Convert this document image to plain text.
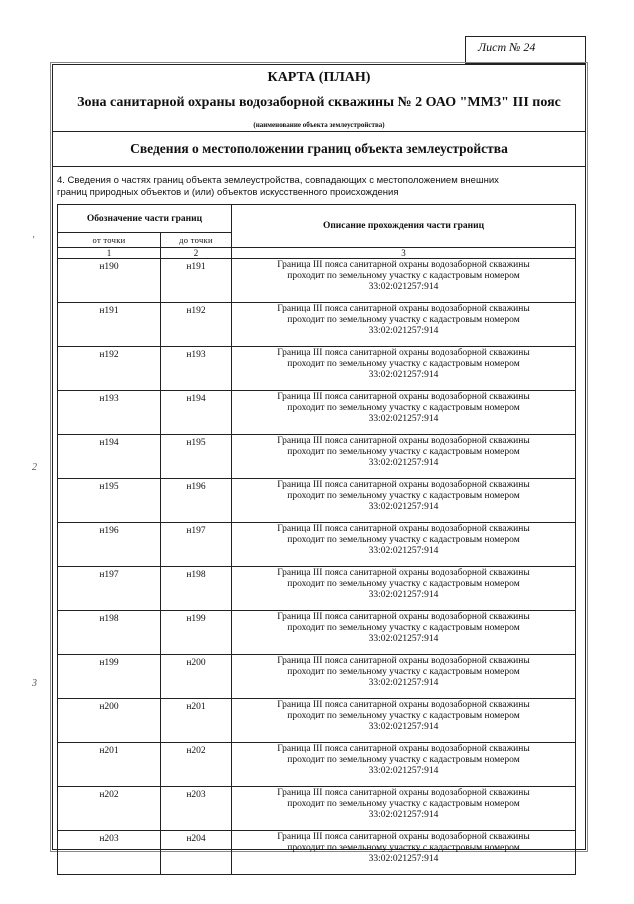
Лист № 24
КАРТА (ПЛАН)
Зона санитарной охраны водозаборной скважины № 2 ОАО "ММЗ" III пояс
(наименование объекта землеустройства)
Сведения о местоположении границ объекта землеустройства
4. Сведения о частях границ объекта землеустройства, совпадающих с местоположением внешних
границ природных объектов и (или) объектов искусственного происхождения
'
2
3
Обозначение части границ		Описание прохождения части границ
от точки	до точки	
1	2	3
н190	н191	Граница III пояса санитарной охраны водозаборной скважины
проходит по земельному участку с кадастровым номером
33:02:021257:914

н191	н192	Граница III пояса санитарной охраны водозаборной скважины
проходит по земельному участку с кадастровым номером
33:02:021257:914

н192	н193	Граница III пояса санитарной охраны водозаборной скважины
проходит по земельному участку с кадастровым номером
33:02:021257:914

н193	н194	Граница III пояса санитарной охраны водозаборной скважины
проходит по земельному участку с кадастровым номером
33:02:021257:914

н194	н195	Граница III пояса санитарной охраны водозаборной скважины
проходит по земельному участку с кадастровым номером
33:02:021257:914

н195	н196	Граница III пояса санитарной охраны водозаборной скважины
проходит по земельному участку с кадастровым номером
33:02:021257:914

н196	н197	Граница III пояса санитарной охраны водозаборной скважины
проходит по земельному участку с кадастровым номером
33:02:021257:914

н197	н198	Граница III пояса санитарной охраны водозаборной скважины
проходит по земельному участку с кадастровым номером
33:02:021257:914

н198	н199	Граница III пояса санитарной охраны водозаборной скважины
проходит по земельному участку с кадастровым номером
33:02:021257:914

н199	н200	Граница III пояса санитарной охраны водозаборной скважины
проходит по земельному участку с кадастровым номером
33:02:021257:914

н200	н201	Граница III пояса санитарной охраны водозаборной скважины
проходит по земельному участку с кадастровым номером
33:02:021257:914

н201	н202	Граница III пояса санитарной охраны водозаборной скважины
проходит по земельному участку с кадастровым номером
33:02:021257:914

н202	н203	Граница III пояса санитарной охраны водозаборной скважины
проходит по земельному участку с кадастровым номером
33:02:021257:914

н203	н204	Граница III пояса санитарной охраны водозаборной скважины
проходит по земельному участку с кадастровым номером
33:02:021257:914
